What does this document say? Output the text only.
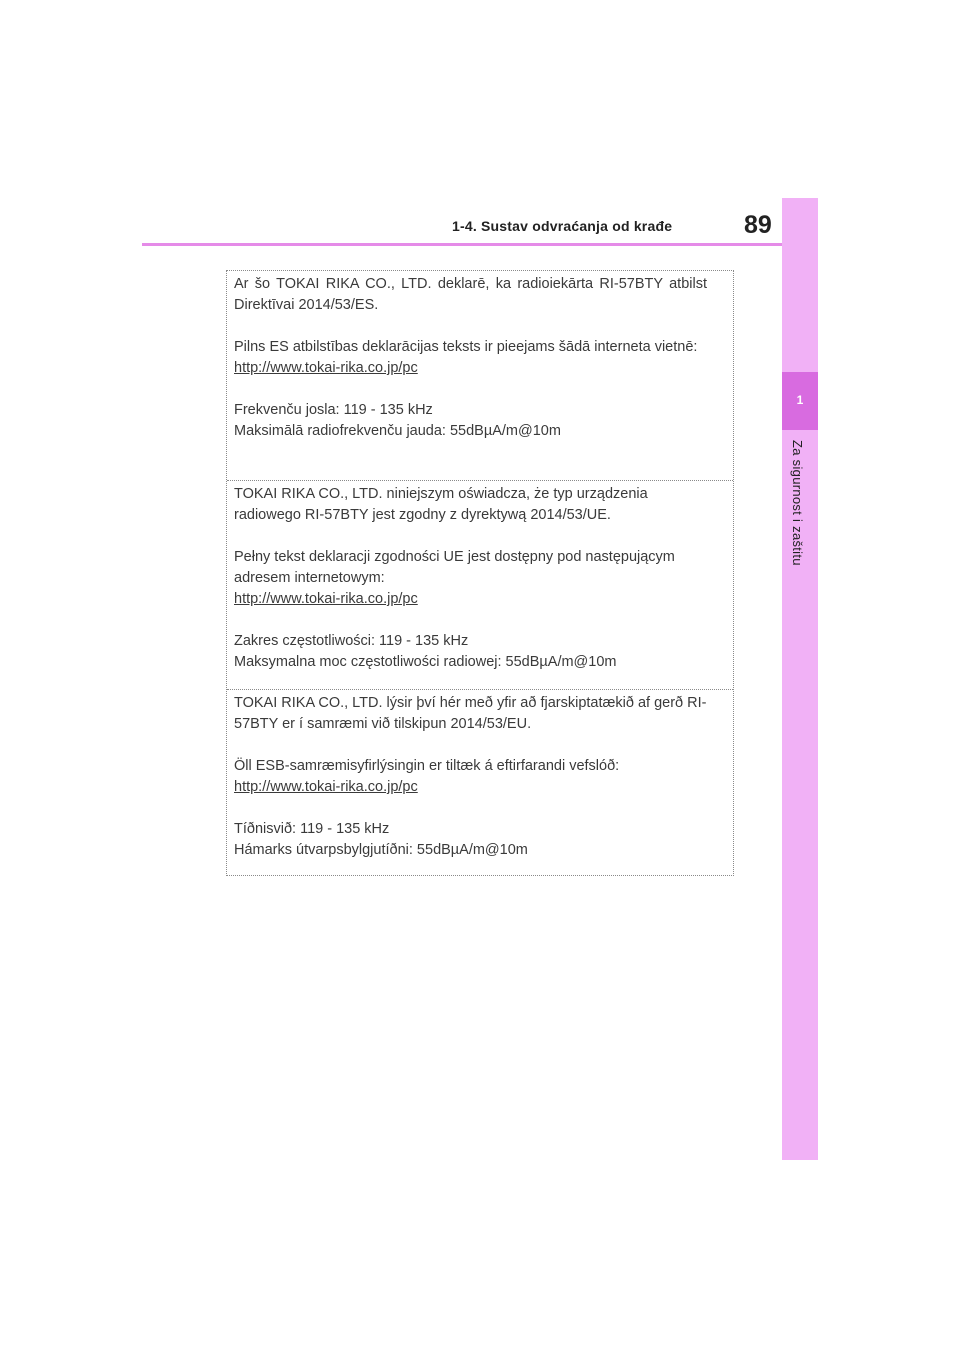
1-4. Sustav odvraćanja od krađe	89
1
Za sigurnost i zaštitu

Ar šo TOKAI RIKA CO., LTD. deklarē, ka radioiekārta RI-57BTY atbilst Direktīvai 2014/53/ES.

Pilns ES atbilstības deklarācijas teksts ir pieejams šādā interneta vietnē:

http://www.tokai-rika.co.jp/pc
Frekvenču josla: 119 - 135 kHz
Maksimālā radiofrekvenču jauda: 55dBµA/m@10m

TOKAI RIKA CO., LTD. niniejszym oświadcza, że typ urządzenia radiowego RI-57BTY jest zgodny z dyrektywą 2014/53/UE.

Pełny tekst deklaracji zgodności UE jest dostępny pod następującym adresem internetowym:

http://www.tokai-rika.co.jp/pc
Zakres częstotliwości: 119 - 135 kHz
Maksymalna moc częstotliwości radiowej: 55dBµA/m@10m

TOKAI RIKA CO., LTD. lýsir því hér með yfir að fjarskiptatækið af gerð RI-57BTY er í samræmi við tilskipun 2014/53/EU.

Öll ESB-samræmisyfirlýsingin er tiltæk á eftirfarandi vefslóð:

http://www.tokai-rika.co.jp/pc
Tíðnisvið: 119 - 135 kHz
Hámarks útvarpsbylgjutíðni: 55dBµA/m@10m
